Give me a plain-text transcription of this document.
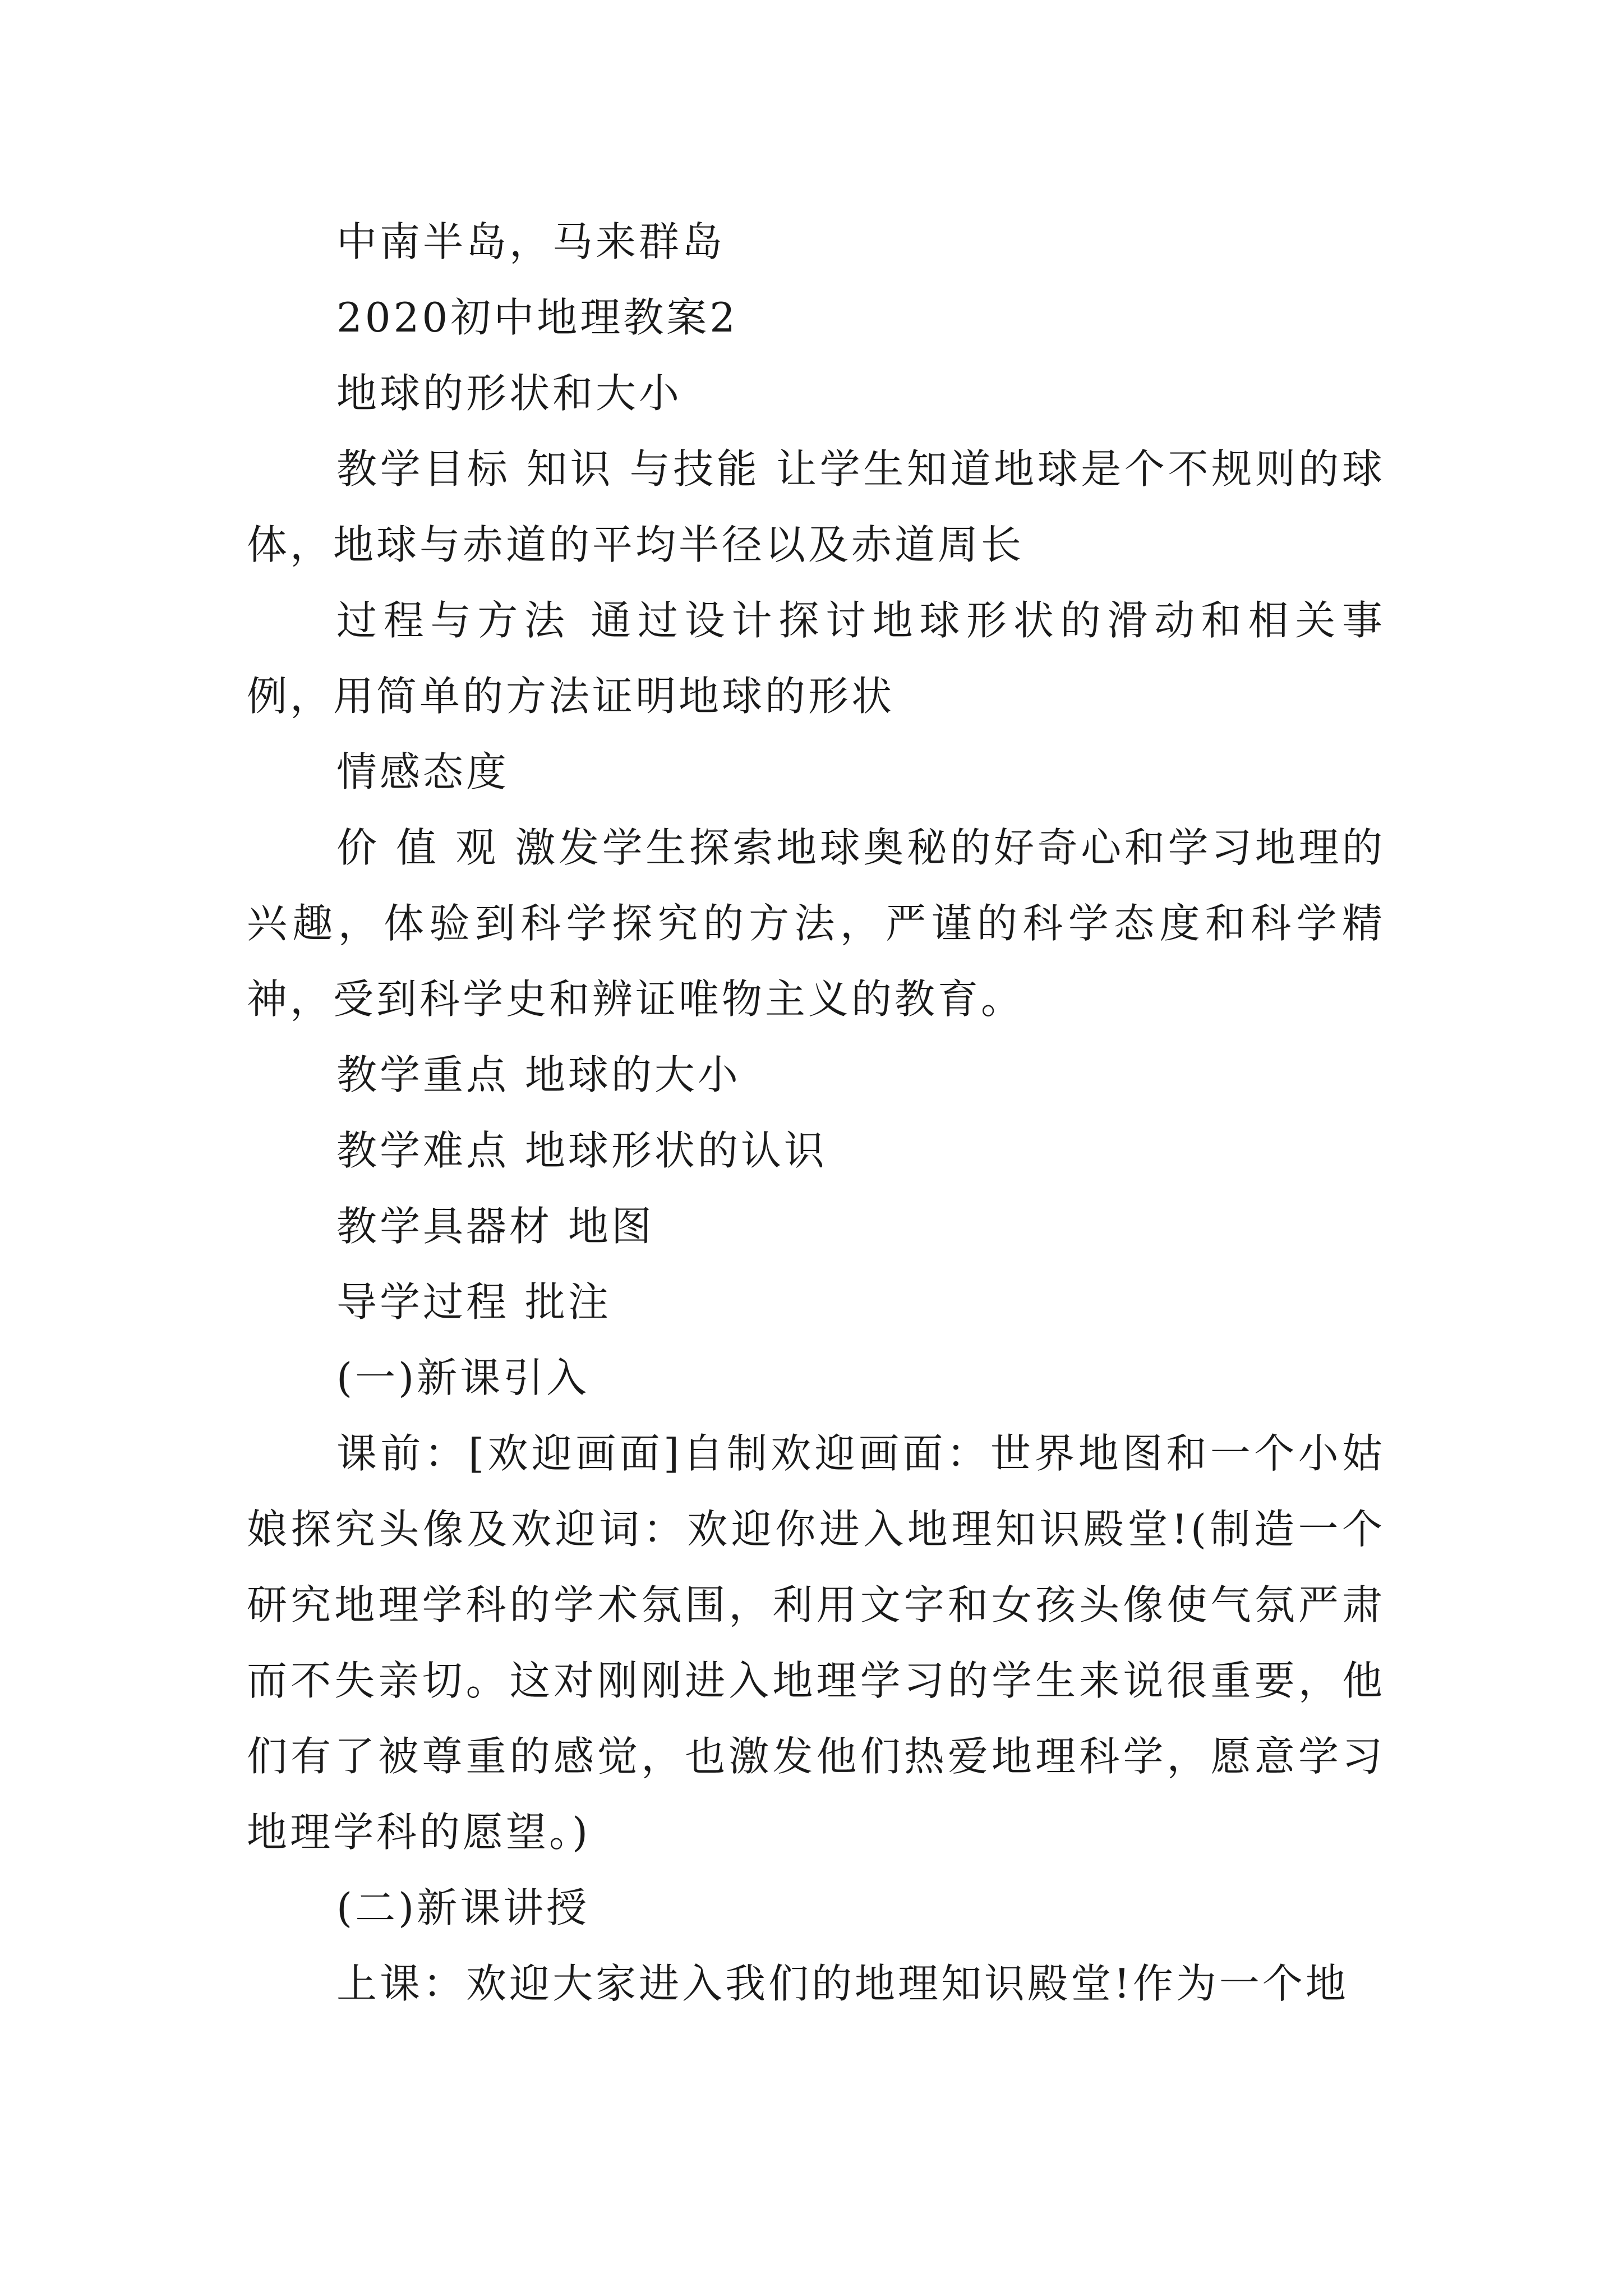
中南半岛，马来群岛

2020初中地理教案2

地球的形状和大小

教学目标 知识 与技能 让学生知道地球是个不规则的球体，地球与赤道的平均半径以及赤道周长

过程与方法 通过设计探讨地球形状的滑动和相关事例，用简单的方法证明地球的形状

情感态度

价 值 观 激发学生探索地球奥秘的好奇心和学习地理的兴趣，体验到科学探究的方法，严谨的科学态度和科学精神，受到科学史和辨证唯物主义的教育。

教学重点 地球的大小

教学难点 地球形状的认识

教学具器材 地图

导学过程 批注

(一)新课引入

课前：[欢迎画面]自制欢迎画面：世界地图和一个小姑娘探究头像及欢迎词：欢迎你进入地理知识殿堂!(制造一个研究地理学科的学术氛围，利用文字和女孩头像使气氛严肃而不失亲切。这对刚刚进入地理学习的学生来说很重要，他们有了被尊重的感觉，也激发他们热爱地理科学，愿意学习地理学科的愿望。)

(二)新课讲授

上课：欢迎大家进入我们的地理知识殿堂!作为一个地
